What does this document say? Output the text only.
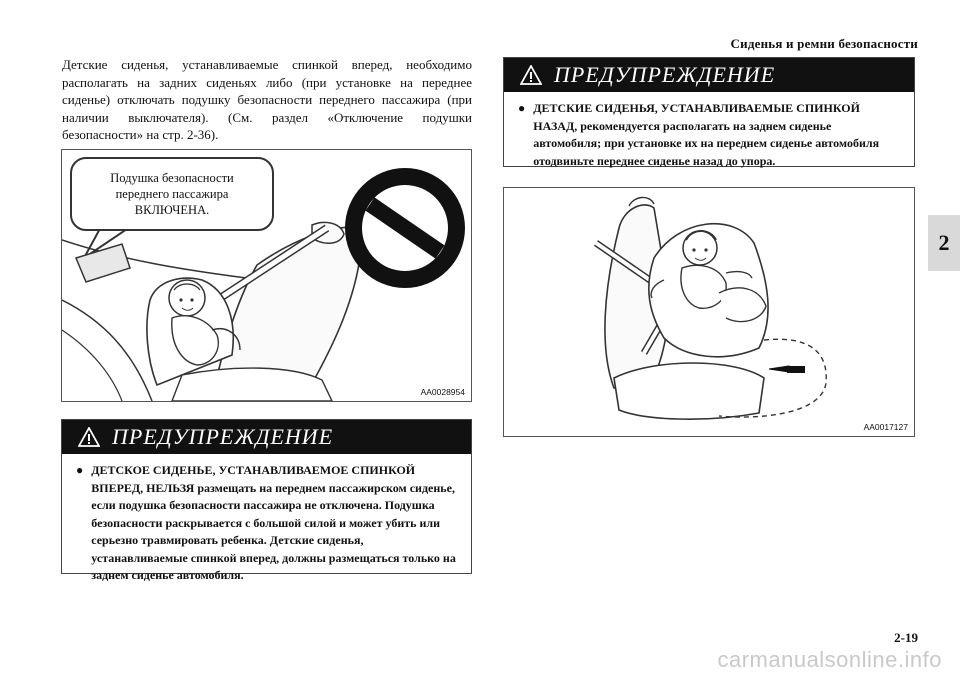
Сиденья и ремни безопасности
2
Детские сиденья, устанавливаемые спинкой вперед, необходимо располагать на задних сиденьях либо (при установке на переднее сиденье) отключать подушку безопасности переднего пассажира (при наличии выключателя). (См. раздел «Отключение подушки безопасности» на стр. 2-36).
Подушка безопасности
переднего пассажира
ВКЛЮЧЕНА.
AA0028954
ПРЕДУПРЕЖДЕНИЕ
● ДЕТСКОЕ СИДЕНЬЕ, УСТАНАВЛИВАЕМОЕ СПИНКОЙ ВПЕРЕД, НЕЛЬЗЯ размещать на переднем пассажирском сиденье, если подушка безопасности пассажира не отключена. Подушка безопасности раскрывается с большой силой и может убить или серьезно травмировать ребенка. Детские сиденья, устанавливаемые спинкой вперед, должны размещаться только на заднем сиденье автомобиля.
ПРЕДУПРЕЖДЕНИЕ
● ДЕТСКИЕ СИДЕНЬЯ, УСТАНАВЛИВАЕМЫЕ СПИНКОЙ НАЗАД, рекомендуется располагать на заднем сиденье автомобиля; при установке их на переднем сиденье автомобиля отодвиньте переднее сиденье назад до упора.
AA0017127
2-19
carmanualsonline.info
